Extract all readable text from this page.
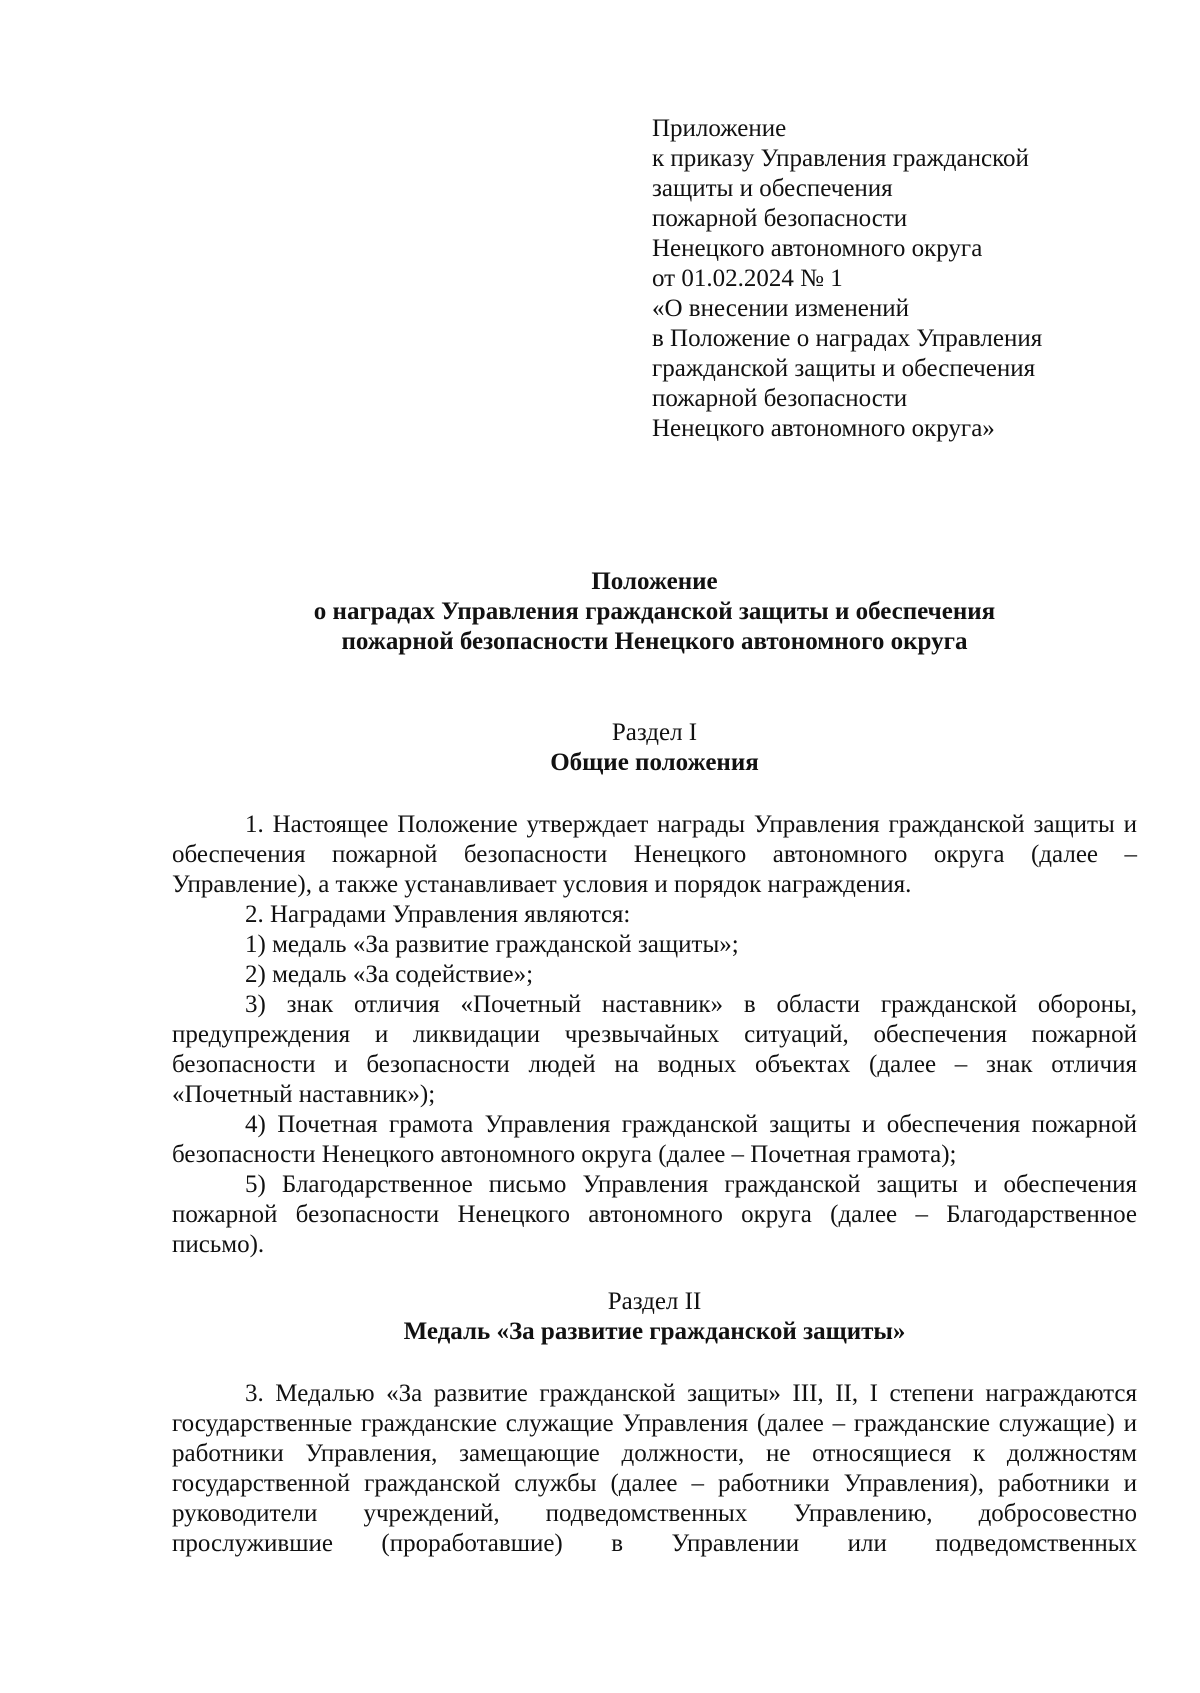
Приложение
к приказу Управления гражданской
защиты и обеспечения
пожарной безопасности
Ненецкого автономного округа
от 01.02.2024 № 1
«О внесении изменений
в Положение о наградах Управления
гражданской защиты и обеспечения
пожарной безопасности
Ненецкого автономного округа»
Положение
о наградах Управления гражданской защиты и обеспечения
пожарной безопасности Ненецкого автономного округа
Раздел I
Общие положения

1. Настоящее Положение утверждает награды Управления гражданской защиты и обеспечения пожарной безопасности Ненецкого автономного округа (далее – Управление), а также устанавливает условия и порядок награждения.

2. Наградами Управления являются:

1) медаль «За развитие гражданской защиты»;

2) медаль «За содействие»;

3) знак отличия «Почетный наставник» в области гражданской обороны, предупреждения и ликвидации чрезвычайных ситуаций, обеспечения пожарной безопасности и безопасности людей на водных объектах (далее – знак отличия «Почетный наставник»);

4) Почетная грамота Управления гражданской защиты и обеспечения пожарной безопасности Ненецкого автономного округа (далее – Почетная грамота);

5) Благодарственное письмо Управления гражданской защиты и обеспечения пожарной безопасности Ненецкого автономного округа (далее – Благодарственное письмо).

Раздел II
Медаль «За развитие гражданской защиты»

3. Медалью «За развитие гражданской защиты» III, II, I степени награждаются государственные гражданские служащие Управления (далее – гражданские служащие) и работники Управления, замещающие должности, не относящиеся к должностям государственной гражданской службы (далее – работники Управления), работники и руководители учреждений, подведомственных Управлению, добросовестно прослужившие (проработавшие) в Управлении или подведомственных
